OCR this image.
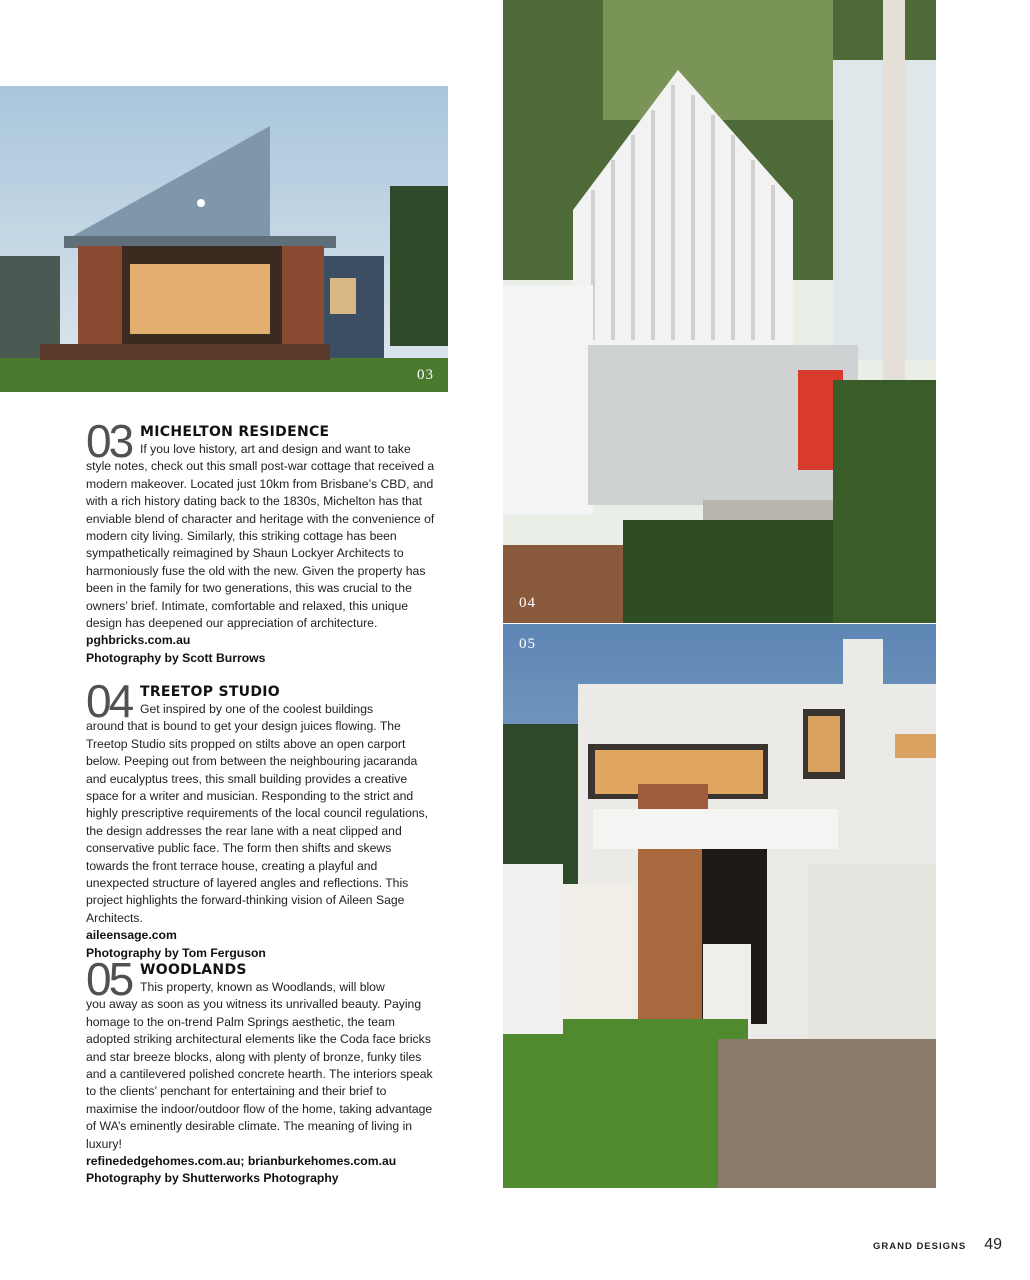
03
04
05
03 MICHELTON RESIDENCE

If you love history, art and design and want to take

style notes, check out this small post-war cottage that received a modern makeover. Located just 10km from Brisbane’s CBD, and with a rich history dating back to the 1830s, Michelton has that enviable blend of character and heritage with the convenience of modern city living. Similarly, this striking cottage has been sympathetically reimagined by Shaun Lockyer Architects to harmoniously fuse the old with the new. Given the property has been in the family for two generations, this was crucial to the owners’ brief. Intimate, comfortable and relaxed, this unique design has deepened our appreciation of architecture.

pghbricks.com.au

Photography by Scott Burrows

04 TREETOP STUDIO

Get inspired by one of the coolest buildings

around that is bound to get your design juices flowing. The Treetop Studio sits propped on stilts above an open carport below. Peeping out from between the neighbouring jacaranda and eucalyptus trees, this small building provides a creative space for a writer and musician. Responding to the strict and highly prescriptive requirements of the local council regulations, the design addresses the rear lane with a neat clipped and conservative public face. The form then shifts and skews towards the front terrace house, creating a playful and unexpected structure of layered angles and reflections. This project highlights the forward-thinking vision of Aileen Sage Architects.

aileensage.com

Photography by Tom Ferguson

05 WOODLANDS

This property, known as Woodlands, will blow

you away as soon as you witness its unrivalled beauty. Paying homage to the on-trend Palm Springs aesthetic, the team adopted striking architectural elements like the Coda face bricks and star breeze blocks, along with plenty of bronze, funky tiles and a cantilevered polished concrete hearth. The interiors speak to the clients’ penchant for entertaining and their brief to maximise the indoor/outdoor flow of the home, taking advantage of WA’s eminently desirable climate. The meaning of living in luxury!

refinededgehomes.com.au; brianburkehomes.com.au

Photography by Shutterworks Photography

GRAND DESIGNS 49
